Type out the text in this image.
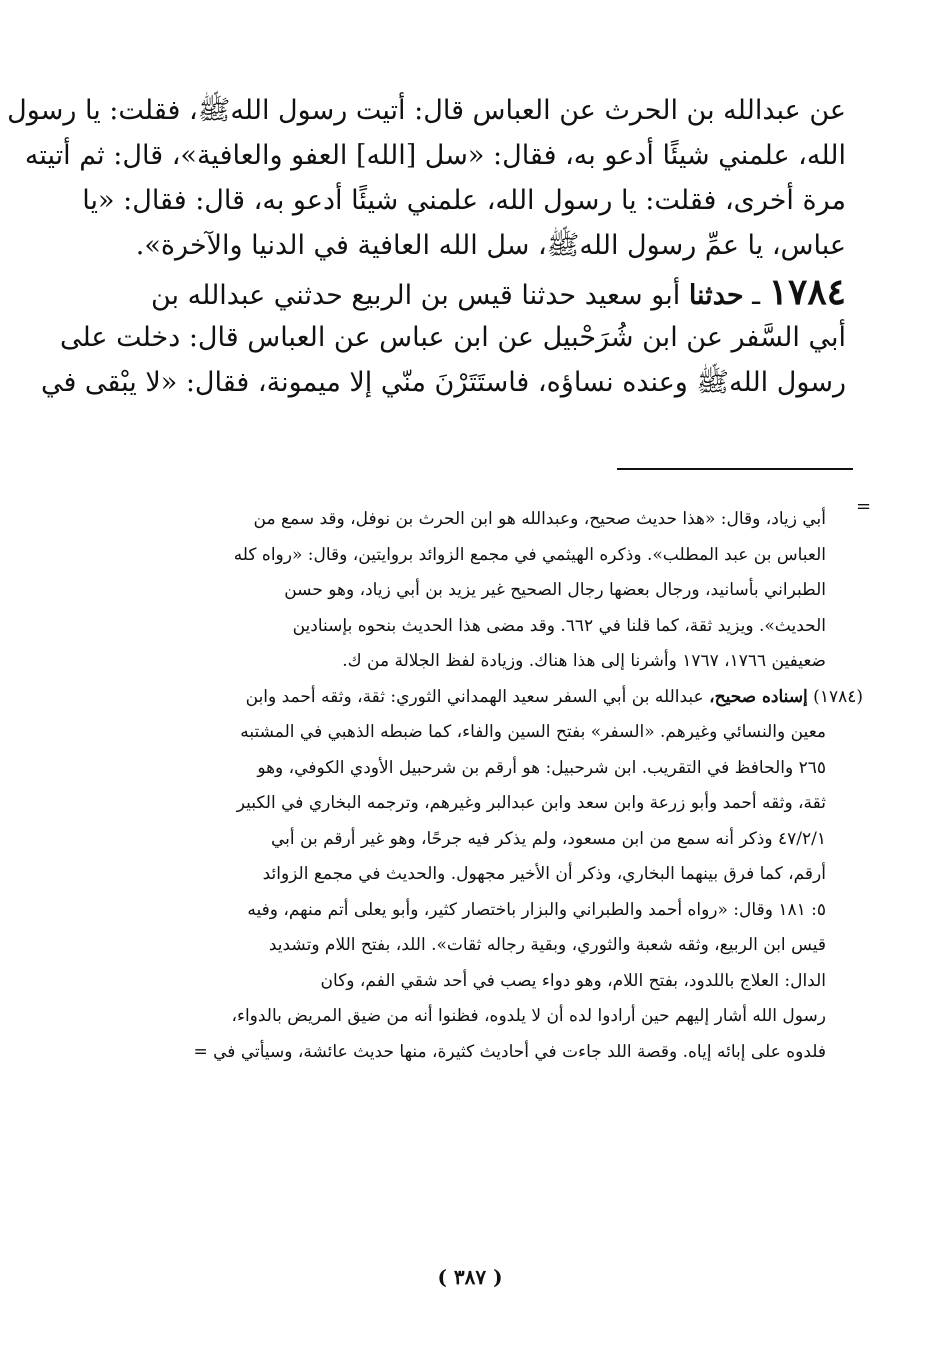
عن عبدالله بن الحرث عن العباس قال: أتيت رسول اللهﷺ، فقلت: يا رسول
الله، علمني شيئًا أدعو به، فقال: «سل [الله] العفو والعافية»، قال: ثم أتيته
مرة أخرى، فقلت: يا رسول الله، علمني شيئًا أدعو به، قال: فقال: «يا
عباس، يا عمِّ رسول اللهﷺ، سل الله العافية في الدنيا والآخرة».
١٧٨٤ ـ حدثنا أبو سعيد حدثنا قيس بن الربيع حدثني عبدالله بن
أبي السَّفر عن ابن شُرَحْبيل عن ابن عباس عن العباس قال: دخلت على
رسول اللهﷺ وعنده نساؤه، فاستَتَرْنَ منّي إلا ميمونة، فقال: «لا يبْقى في
=
أبي زياد، وقال: «هذا حديث صحيح، وعبدالله هو ابن الحرث بن نوفل، وقد سمع من
العباس بن عبد المطلب». وذكره الهيثمي في مجمع الزوائد بروايتين، وقال: «رواه كله
الطبراني بأسانيد، ورجال بعضها رجال الصحيح غير يزيد بن أبي زياد، وهو حسن
الحديث». ويزيد ثقة، كما قلنا في ٦٦٢. وقد مضى هذا الحديث بنحوه بإسنادين
ضعيفين ١٧٦٦، ١٧٦٧ وأشرنا إلى هذا هناك. وزيادة لفظ الجلالة من ك.
(١٧٨٤) إسناده صحيح، عبدالله بن أبي السفر سعيد الهمداني الثوري: ثقة، وثقه أحمد وابن
معين والنسائي وغيرهم. «السفر» بفتح السين والفاء، كما ضبطه الذهبي في المشتبه
٢٦٥ والحافظ في التقريب. ابن شرحبيل: هو أرقم بن شرحبيل الأودي الكوفي، وهو
ثقة، وثقه أحمد وأبو زرعة وابن سعد وابن عبدالبر وغيرهم، وترجمه البخاري في الكبير
٤٧/٢/١ وذكر أنه سمع من ابن مسعود، ولم يذكر فيه جرحًا، وهو غير أرقم بن أبي
أرقم، كما فرق بينهما البخاري، وذكر أن الأخير مجهول. والحديث في مجمع الزوائد
٥: ١٨١ وقال: «رواه أحمد والطبراني والبزار باختصار كثير، وأبو يعلى أتم منهم، وفيه
قيس ابن الربيع، وثقه شعبة والثوري، وبقية رجاله ثقات». اللد، بفتح اللام وتشديد
الدال: العلاج باللدود، بفتح اللام، وهو دواء يصب في أحد شقي الفم، وكان
رسول الله أشار إليهم حين أرادوا لده أن لا يلدوه، فظنوا أنه من ضيق المريض بالدواء،
فلدوه على إبائه إياه. وقصة اللد جاءت في أحاديث كثيرة، منها حديث عائشة، وسيأتي في =
( ٣٨٧ )
